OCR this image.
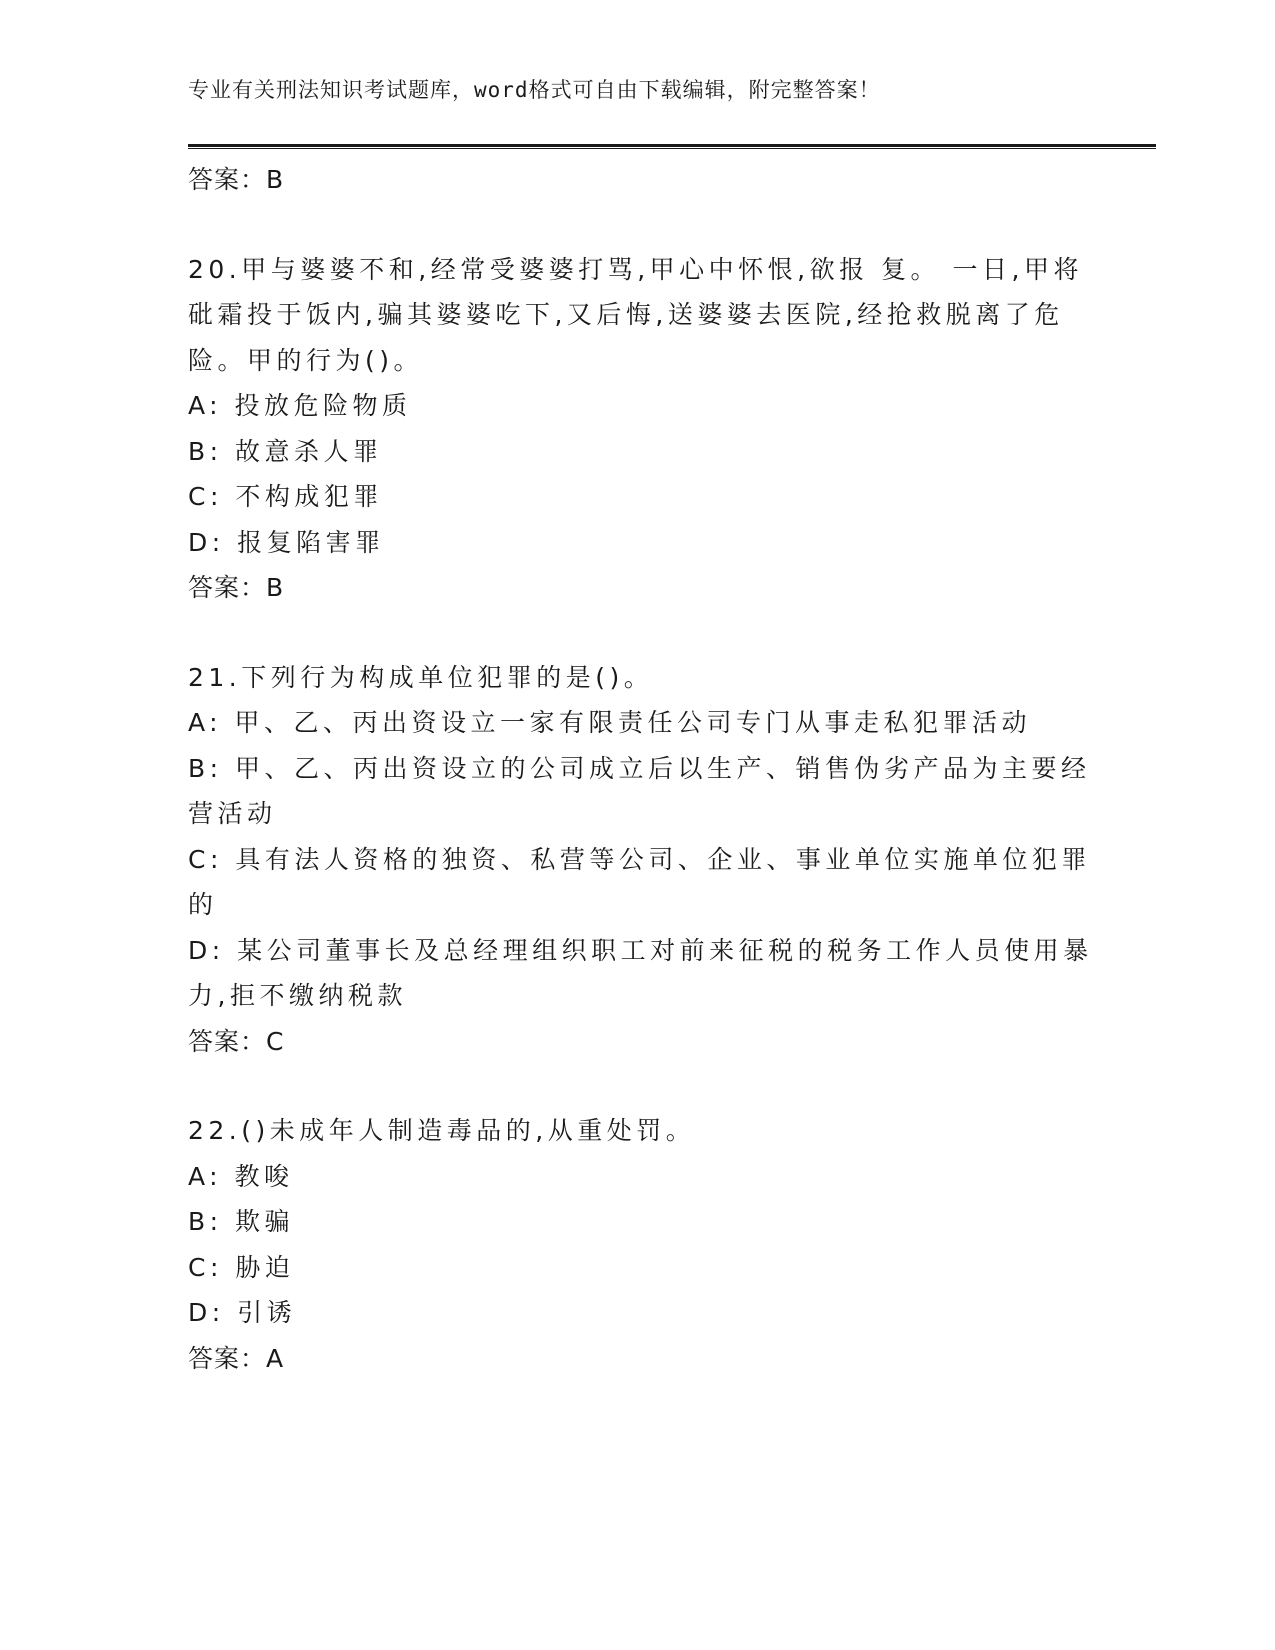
专业有关刑法知识考试题库，word格式可自由下载编辑，附完整答案！
答案：B
20.甲与婆婆不和,经常受婆婆打骂,甲心中怀恨,欲报 复。 一日,甲将
砒霜投于饭内,骗其婆婆吃下,又后悔,送婆婆去医院,经抢救脱离了危
险。甲的行为()。
A: 投放危险物质
B: 故意杀人罪
C: 不构成犯罪
D: 报复陷害罪
答案：B
21.下列行为构成单位犯罪的是()。
A: 甲、乙、丙出资设立一家有限责任公司专门从事走私犯罪活动
B: 甲、乙、丙出资设立的公司成立后以生产、销售伪劣产品为主要经
营活动
C: 具有法人资格的独资、私营等公司、企业、事业单位实施单位犯罪
的
D: 某公司董事长及总经理组织职工对前来征税的税务工作人员使用暴
力,拒不缴纳税款
答案：C
22.()未成年人制造毒品的,从重处罚。
A: 教唆
B: 欺骗
C: 胁迫
D: 引诱
答案：A
